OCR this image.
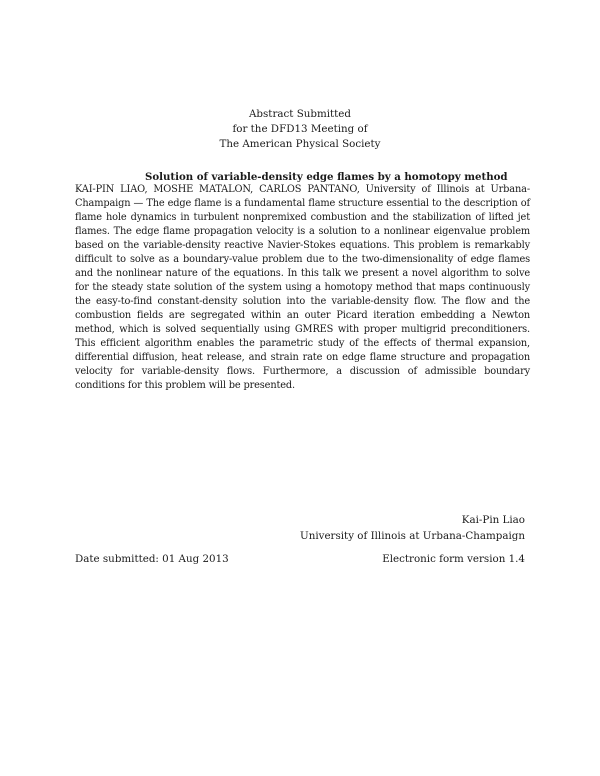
Abstract Submitted
for the DFD13 Meeting of
The American Physical Society
Solution of variable-density edge flames by a homotopy method
KAI-PIN LIAO, MOSHE MATALON, CARLOS PANTANO, University of Illinois at Urbana-Champaign — The edge flame is a fundamental flame structure essential to the description of flame hole dynamics in turbulent nonpremixed combustion and the stabilization of lifted jet flames. The edge flame propagation velocity is a solution to a nonlinear eigenvalue problem based on the variable-density reactive Navier-Stokes equations. This problem is remarkably difficult to solve as a boundary-value problem due to the two-dimensionality of edge flames and the nonlinear nature of the equations. In this talk we present a novel algorithm to solve for the steady state solution of the system using a homotopy method that maps continuously the easy-to-find constant-density solution into the variable-density flow. The flow and the combustion fields are segregated within an outer Picard iteration embedding a Newton method, which is solved sequentially using GMRES with proper multigrid preconditioners. This efficient algorithm enables the parametric study of the effects of thermal expansion, differential diffusion, heat release, and strain rate on edge flame structure and propagation velocity for variable-density flows. Furthermore, a discussion of admissible boundary conditions for this problem will be presented.
Kai-Pin Liao
University of Illinois at Urbana-Champaign
Date submitted: 01 Aug 2013	Electronic form version 1.4
